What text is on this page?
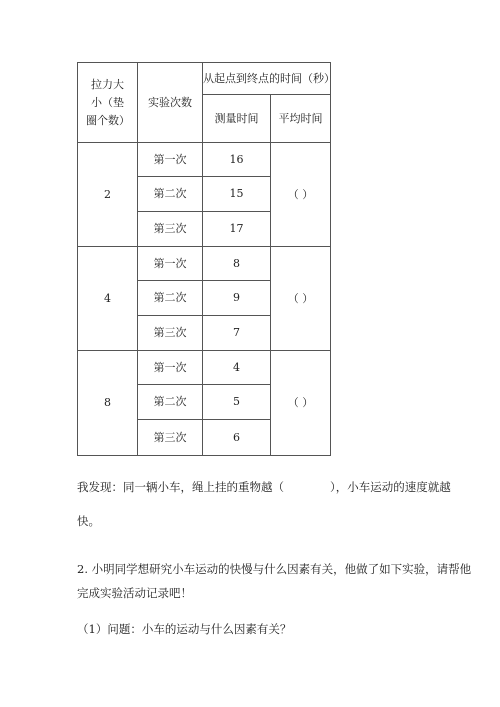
拉力大小（垫圈个数）	实验次数	从起点到终点的时间（秒）	
		测量时间	平均时间
2	第一次	16	（ ）
	第二次	15	
	第三次	17	
4	第一次	8	（ ）
	第二次	9	
	第三次	7	
8	第一次	4	（ ）
	第二次	5	
	第三次	6	

我发现：同一辆小车，绳上挂的重物越（　　　　），小车运动的速度就越

快。

2. 小明同学想研究小车运动的快慢与什么因素有关，他做了如下实验，请帮他

完成实验活动记录吧！

（1）问题：小车的运动与什么因素有关？
